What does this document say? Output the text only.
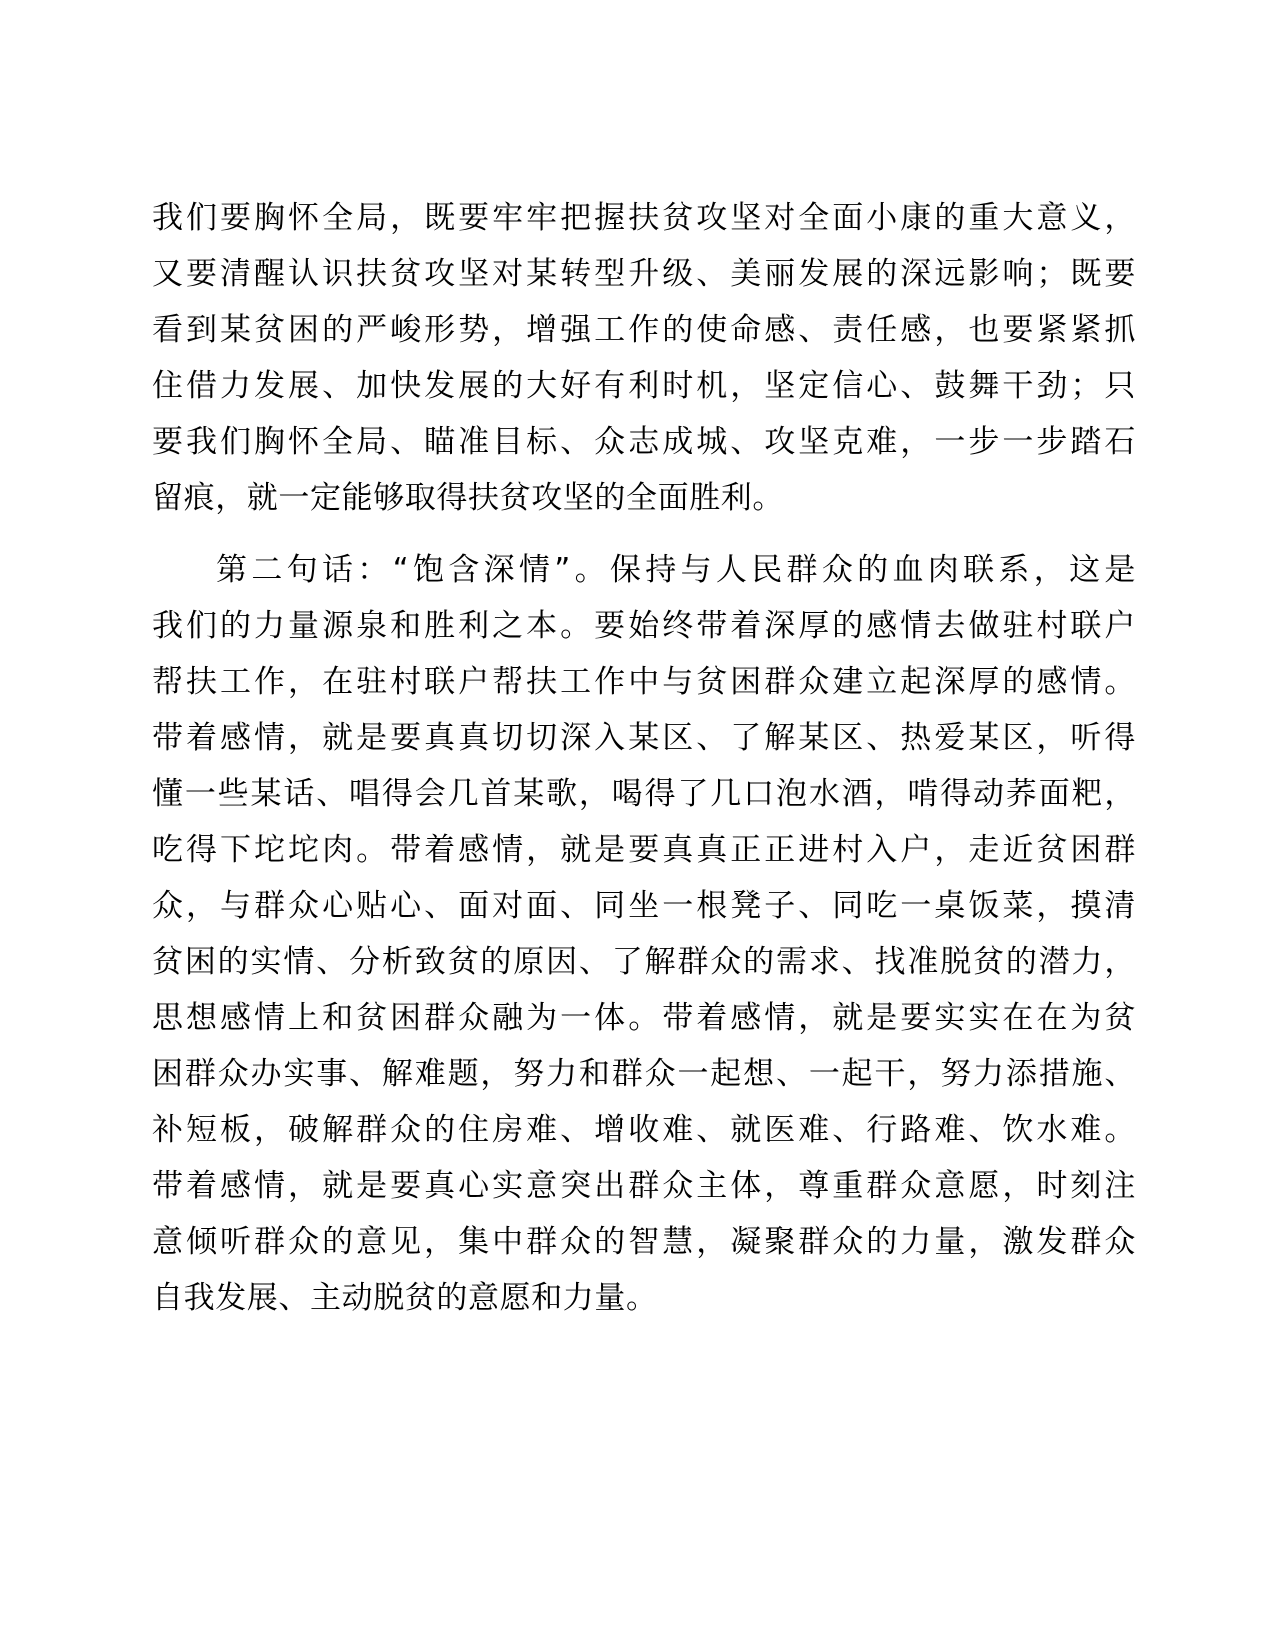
我们要胸怀全局，既要牢牢把握扶贫攻坚对全面小康的重大意义，
又要清醒认识扶贫攻坚对某转型升级、美丽发展的深远影响；既要
看到某贫困的严峻形势，增强工作的使命感、责任感，也要紧紧抓
住借力发展、加快发展的大好有利时机，坚定信心、鼓舞干劲；只
要我们胸怀全局、瞄准目标、众志成城、攻坚克难，一步一步踏石
留痕，就一定能够取得扶贫攻坚的全面胜利。
第二句话：“饱含深情”。保持与人民群众的血肉联系，这是
我们的力量源泉和胜利之本。要始终带着深厚的感情去做驻村联户
帮扶工作，在驻村联户帮扶工作中与贫困群众建立起深厚的感情。
带着感情，就是要真真切切深入某区、了解某区、热爱某区，听得
懂一些某话、唱得会几首某歌，喝得了几口泡水酒，啃得动荞面粑，
吃得下坨坨肉。带着感情，就是要真真正正进村入户，走近贫困群
众，与群众心贴心、面对面、同坐一根凳子、同吃一桌饭菜，摸清
贫困的实情、分析致贫的原因、了解群众的需求、找准脱贫的潜力，
思想感情上和贫困群众融为一体。带着感情，就是要实实在在为贫
困群众办实事、解难题，努力和群众一起想、一起干，努力添措施、
补短板，破解群众的住房难、增收难、就医难、行路难、饮水难。
带着感情，就是要真心实意突出群众主体，尊重群众意愿，时刻注
意倾听群众的意见，集中群众的智慧，凝聚群众的力量，激发群众
自我发展、主动脱贫的意愿和力量。
